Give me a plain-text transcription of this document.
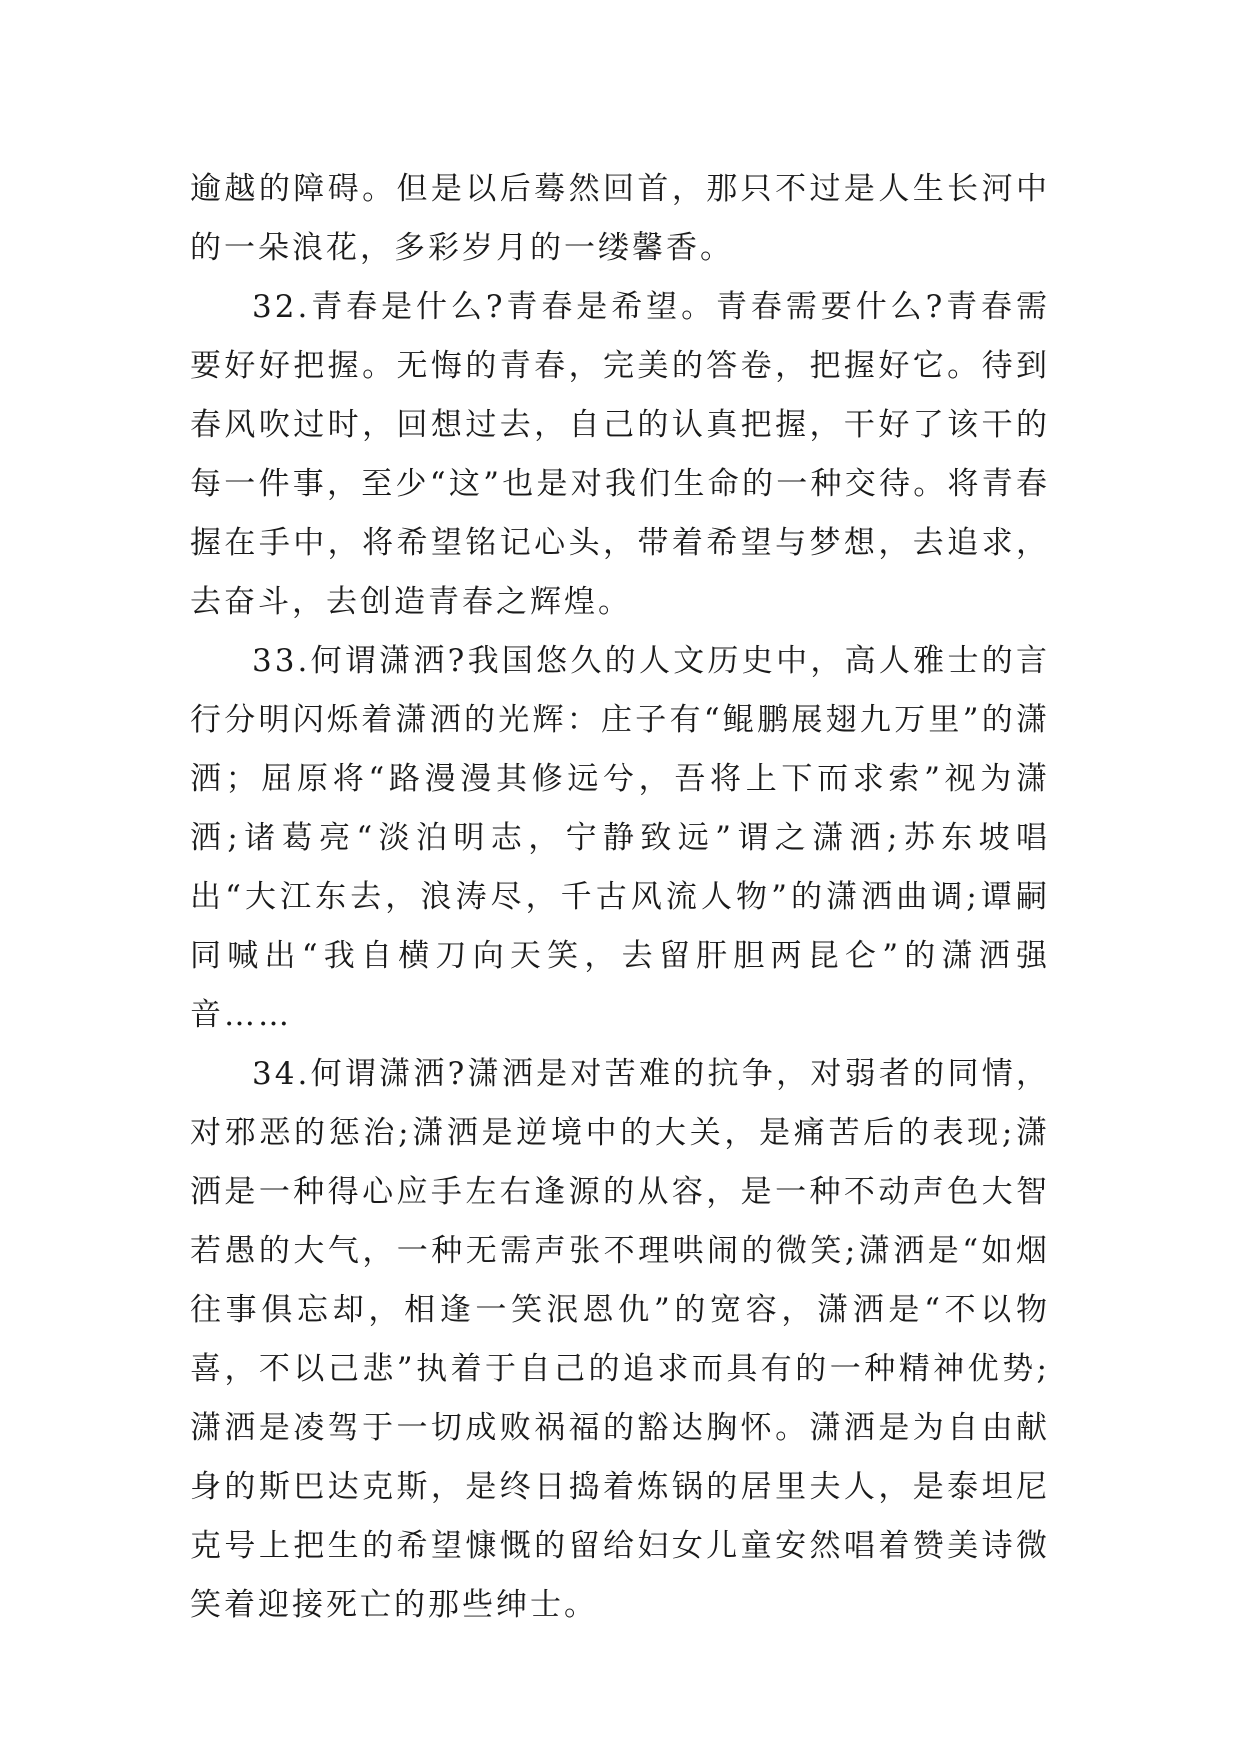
逾越的障碍。但是以后蓦然回首，那只不过是人生长河中的一朵浪花，多彩岁月的一缕馨香。

32.青春是什么?青春是希望。青春需要什么?青春需要好好把握。无悔的青春，完美的答卷，把握好它。待到春风吹过时，回想过去，自己的认真把握，干好了该干的每一件事，至少“这”也是对我们生命的一种交待。将青春握在手中，将希望铭记心头，带着希望与梦想，去追求，去奋斗，去创造青春之辉煌。

33.何谓潇洒?我国悠久的人文历史中，高人雅士的言行分明闪烁着潇洒的光辉：庄子有“鲲鹏展翅九万里”的潇洒；屈原将“路漫漫其修远兮，吾将上下而求索”视为潇洒;诸葛亮“淡泊明志，宁静致远”谓之潇洒;苏东坡唱出“大江东去，浪涛尽，千古风流人物”的潇洒曲调;谭嗣同喊出“我自横刀向天笑，去留肝胆两昆仑”的潇洒强音……

34.何谓潇洒?潇洒是对苦难的抗争，对弱者的同情，对邪恶的惩治;潇洒是逆境中的大关，是痛苦后的表现;潇洒是一种得心应手左右逢源的从容，是一种不动声色大智若愚的大气，一种无需声张不理哄闹的微笑;潇洒是“如烟往事俱忘却，相逢一笑泯恩仇”的宽容，潇洒是“不以物喜，不以己悲”执着于自己的追求而具有的一种精神优势;潇洒是凌驾于一切成败祸福的豁达胸怀。潇洒是为自由献身的斯巴达克斯，是终日捣着炼锅的居里夫人，是泰坦尼克号上把生的希望慷慨的留给妇女儿童安然唱着赞美诗微笑着迎接死亡的那些绅士。
